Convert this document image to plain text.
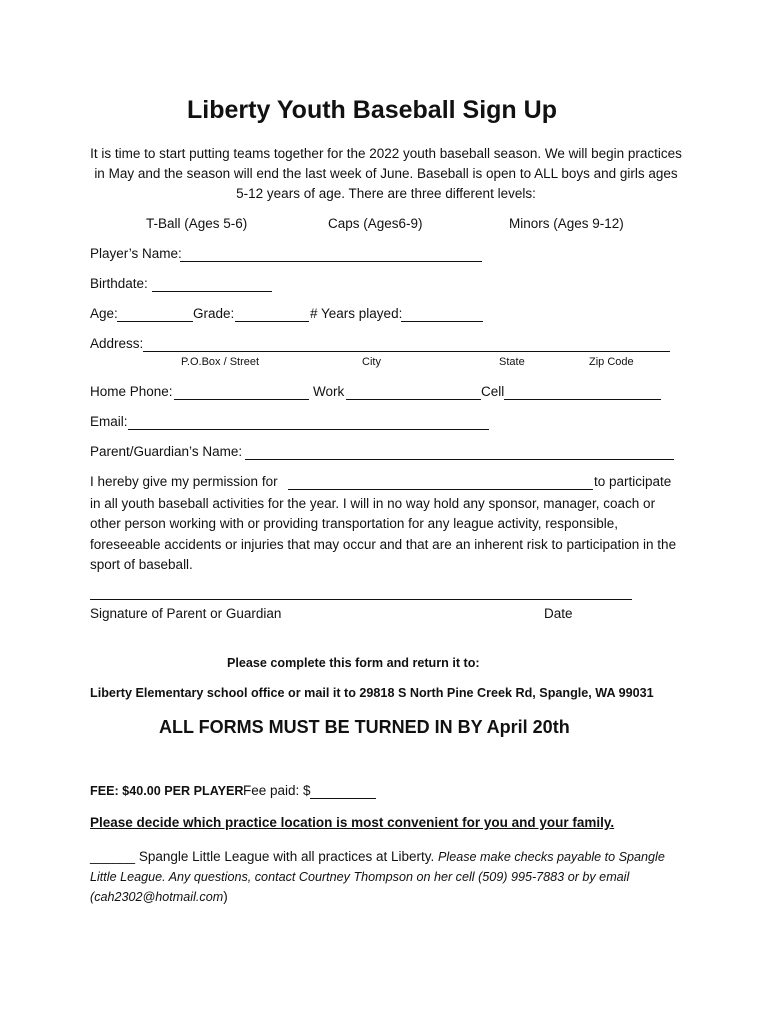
Liberty Youth Baseball Sign Up
It is time to start putting teams together for the 2022 youth baseball season. We will begin practices in May and the season will end the last week of June. Baseball is open to ALL boys and girls ages 5-12 years of age. There are three different levels:
T-Ball (Ages 5-6)	Caps (Ages6-9)	Minors (Ages 9-12)
Player’s Name:
Birthdate:
Age:	Grade:	# Years played:
Address:
P.O.Box / Street	City	State	Zip Code
Home Phone:	Work	Cell
Email:
Parent/Guardian’s Name:
I hereby give my permission for	to participate
in all youth baseball activities for the year. I will in no way hold any sponsor, manager, coach or other person working with or providing transportation for any league activity, responsible, foreseeable accidents or injuries that may occur and that are an inherent risk to participation in the sport of baseball.
Signature of Parent or Guardian	Date
Please complete this form and return it to:
Liberty Elementary school office or mail it to 29818 S North Pine Creek Rd, Spangle, WA 99031
ALL FORMS MUST BE TURNED IN BY April 20th
FEE: $40.00 PER PLAYER Fee paid: $
Please decide which practice location is most convenient for you and your family.
______ Spangle Little League with all practices at Liberty. Please make checks payable to Spangle Little League. Any questions, contact Courtney Thompson on her cell (509) 995-7883 or by email (cah2302@hotmail.com)
